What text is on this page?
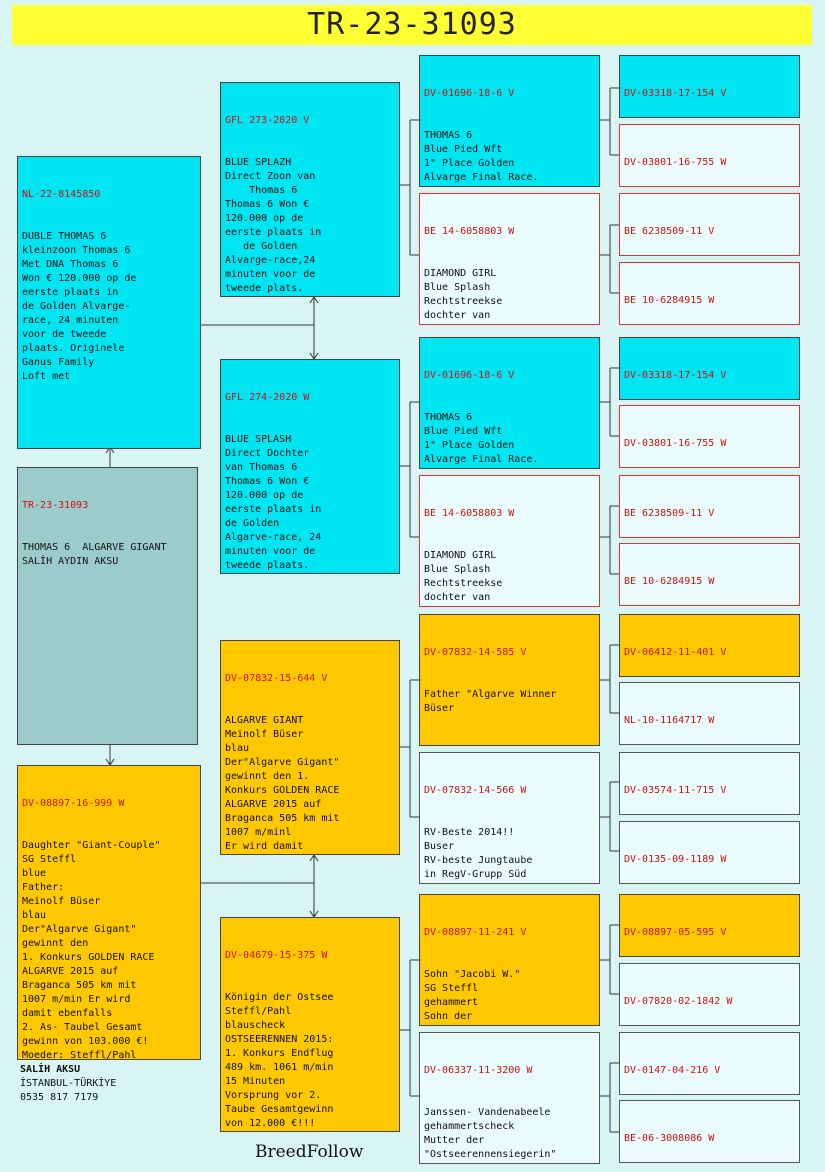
TR-23-31093

NL-22-8145850

DUBLE THOMAS 6
kleinzoon Thomas 6
Met DNA Thomas 6
Won € 120.000 op de
eerste plaats in
de Golden Alvarge-
race, 24 minuten
voor de tweede
plaats. Originele
Ganus Family
Loft met

TR-23-31093

THOMAS 6  ALGARVE GIGANT
SALİH AYDIN AKSU

DV-08897-16-999 W

Daughter "Giant-Couple"
SG Steffl
blue
Father:
Meinolf Büser
blau
Der"Algarve Gigant"
gewinnt den
1. Konkurs GOLDEN RACE
ALGARVE 2015 auf
Braganca 505 km mit
1007 m/min Er wird
damit ebenfalls
2. As- Taubel Gesamt
gewinn von 103.000 €!
Moeder: Steffl/Pahl

GFL 273-2020 V

BLUE SPLAZH
Direct Zoon van
Thomas 6
Thomas 6 Won €
120.000 op de
eerste plaats in
de Golden
Alvarge-race,24
minuten voor de
tweede plats.

GFL 274-2020 W

BLUE SPLASH
Direct Dochter
van Thomas 6
Thomas 6 Won €
120.000 op de
eerste plaats in
de Golden
Algarve-race, 24
minuten voor de
tweede plaats.

DV-07832-15-644 V

ALGARVE GIANT
Meinolf Büser
blau
Der"Algarve Gigant"
gewinnt den 1.
Konkurs GOLDEN RACE
ALGARVE 2015 auf
Braganca 505 km mit
1007 m/minl
Er wird damit

DV-04679-15-375 W

Königin der Ostsee
Steffl/Pahl
blauscheck
OSTSEERENNEN 2015:
1. Konkurs Endflug
489 km. 1061 m/min
15 Minuten
Vorsprung vor 2.
Taube Gesamtgewinn
von 12.000 €!!!

DV-01696-18-6 V

THOMAS 6
Blue Pied Wft
1" Place Golden
Alvarge Final Race.

BE 14-6058803 W

DIAMOND GIRL
Blue Splash
Rechtstreekse
dochter van

DV-01696-18-6 V

THOMAS 6
Blue Pied Wft
1" Place Golden
Alvarge Final Race.

BE 14-6058803 W

DIAMOND GIRL
Blue Splash
Rechtstreekse
dochter van

DV-07832-14-585 V

Father "Algarve Winner
Büser

DV-07832-14-566 W

RV-Beste 2014!!
Buser
RV-beste Jungtaube
in RegV-Grupp Süd

DV-08897-11-241 V

Sohn "Jacobi W."
SG Steffl
gehammert
Sohn der

DV-06337-11-3200 W

Janssen- Vandenabeele
gehammertscheck
Mutter der
"Ostseerennensiegerin"

DV-03318-17-154 V

DV-03801-16-755 W

BE 6238509-11 V

BE 10-6284915 W

DV-03318-17-154 V

DV-03801-16-755 W

BE 6238509-11 V

BE 10-6284915 W

DV-06412-11-401 V

NL-10-1164717 W

DV-03574-11-715 V

DV-0135-09-1189 W

DV-08897-05-595 V

DV-07820-02-1842 W

DV-0147-04-216 V

BE-06-3008086 W

SALİH AKSU
İSTANBUL-TÜRKİYE
0535 817 7179
BreedFollow
